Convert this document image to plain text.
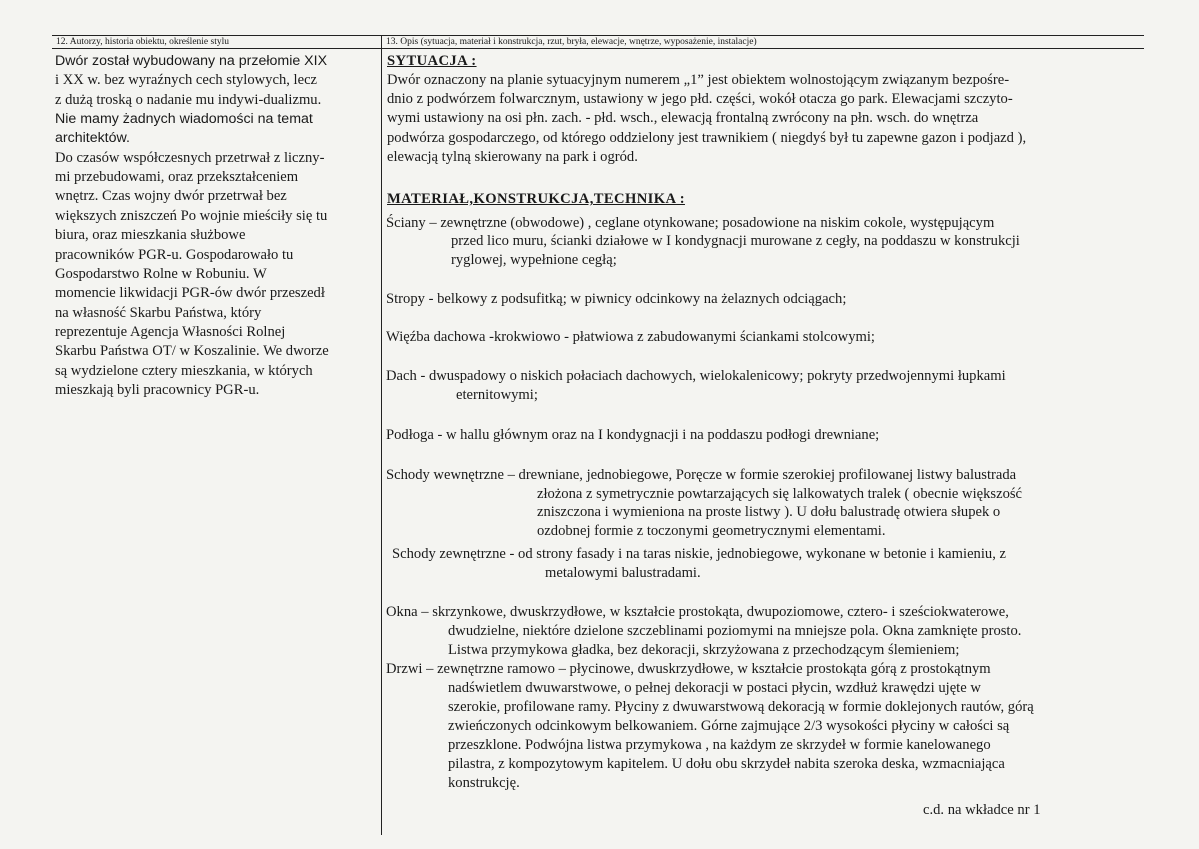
12. Autorzy, historia obiektu, określenie stylu
Dwór został wybudowany na przełomie XIX
i XX w. bez wyraźnych cech stylowych, lecz
z dużą troską o nadanie mu indywi-dualizmu.
Nie mamy żadnych wiadomości na temat
architektów.
Do czasów współczesnych przetrwał z liczny-
mi przebudowami, oraz przekształceniem
wnętrz. Czas wojny dwór przetrwał bez
większych zniszczeń Po wojnie mieściły się tu
biura, oraz mieszkania służbowe
pracowników PGR-u. Gospodarowało tu
Gospodarstwo Rolne w Robuniu. W
momencie likwidacji PGR-ów dwór przeszedł
na własność Skarbu Państwa, który
reprezentuje Agencja Własności Rolnej
Skarbu Państwa OT/ w Koszalinie. We dworze
są wydzielone cztery mieszkania, w których
mieszkają byli pracownicy PGR-u.
13. Opis (sytuacja, materiał i konstrukcja, rzut, bryła, elewacje, wnętrze, wyposażenie, instalacje)
SYTUACJA :
Dwór oznaczony na planie sytuacyjnym numerem „1” jest obiektem wolnostojącym związanym bezpośre-
dnio z podwórzem folwarcznym, ustawiony w jego płd. części, wokół otacza go park. Elewacjami szczyto-
wymi ustawiony na osi płn. zach. - płd. wsch., elewacją frontalną zwrócony na płn. wsch. do wnętrza
podwórza gospodarczego, od którego oddzielony jest trawnikiem ( niegdyś był tu zapewne gazon i podjazd ),
elewacją tylną skierowany na park i ogród.
MATERIAŁ,KONSTRUKCJA,TECHNIKA :
Ściany – zewnętrzne (obwodowe) , ceglane otynkowane; posadowione na niskim cokole, występującym
przed lico muru, ścianki działowe w I kondygnacji murowane z cegły, na poddaszu w konstrukcji
ryglowej, wypełnione cegłą;
Stropy - belkowy z podsufitką; w piwnicy odcinkowy na żelaznych odciągach;
Więźba dachowa -krokwiowo - płatwiowa z zabudowanymi ściankami stolcowymi;
Dach - dwuspadowy o niskich połaciach dachowych, wielokalenicowy; pokryty przedwojennymi łupkami
eternitowymi;
Podłoga - w hallu głównym oraz na I kondygnacji i na poddaszu podłogi drewniane;
Schody wewnętrzne – drewniane, jednobiegowe, Poręcze w formie szerokiej profilowanej listwy balustrada
złożona z symetrycznie powtarzających się lalkowatych tralek ( obecnie większość
zniszczona i wymieniona na proste listwy ). U dołu balustradę otwiera słupek o
ozdobnej formie z toczonymi geometrycznymi elementami.
Schody zewnętrzne - od strony fasady i na taras niskie, jednobiegowe, wykonane w betonie i kamieniu, z
metalowymi balustradami.
Okna – skrzynkowe, dwuskrzydłowe, w kształcie prostokąta, dwupoziomowe, cztero- i sześciokwaterowe,
dwudzielne, niektóre dzielone szczeblinami poziomymi na mniejsze pola. Okna zamknięte prosto.
Listwa przymykowa gładka, bez dekoracji, skrzyżowana z przechodzącym ślemieniem;
Drzwi – zewnętrzne ramowo – płycinowe, dwuskrzydłowe, w kształcie prostokąta górą z prostokątnym
nadświetlem dwuwarstwowe, o pełnej dekoracji w postaci płycin, wzdłuż krawędzi ujęte w
szerokie, profilowane ramy. Płyciny z dwuwarstwową dekoracją w formie doklejonych rautów, górą
zwieńczonych odcinkowym belkowaniem. Górne zajmujące 2/3 wysokości płyciny w całości są
przeszklone. Podwójna listwa przymykowa , na każdym ze skrzydeł w formie kanelowanego
pilastra, z kompozytowym kapitelem. U dołu obu skrzydeł nabita szeroka deska, wzmacniająca
konstrukcję.
c.d. na wkładce nr 1
